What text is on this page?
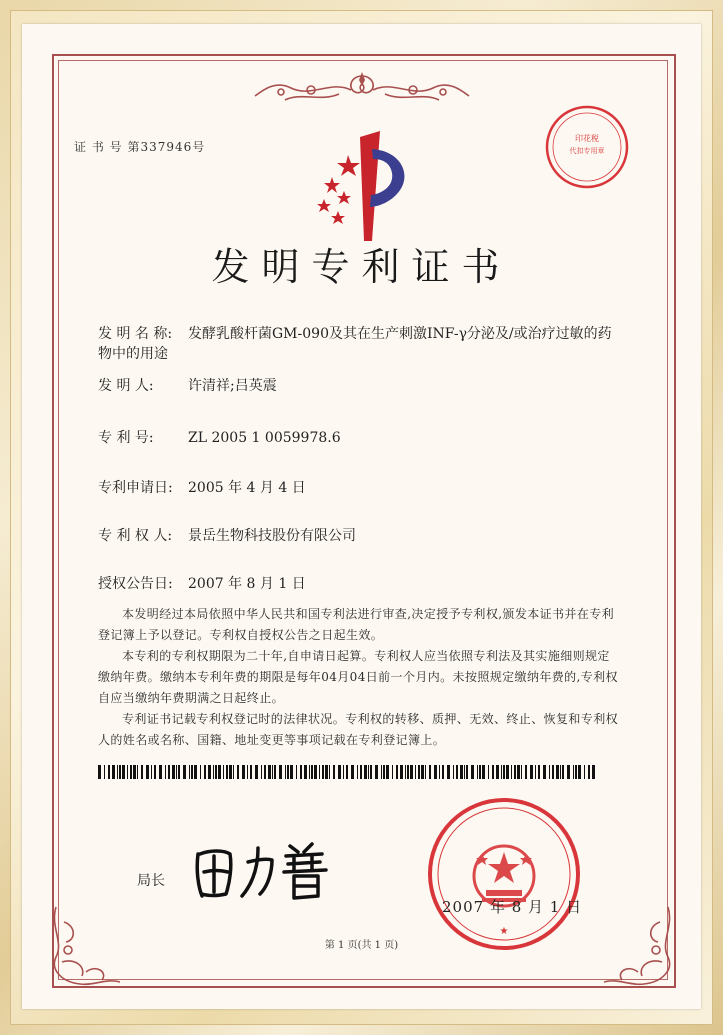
证 书 号 第337946号
印花税
代扣专用章
发明专利证书
发 明 名 称: 发酵乳酸杆菌GM-090及其在生产刺激INF-γ分泌及/或治疗过敏的药物中的用途
发 明 人: 许清祥;吕英震
专 利 号: ZL 2005 1 0059978.6
专利申请日: 2005 年 4 月 4 日
专 利 权 人: 景岳生物科技股份有限公司
授权公告日: 2007 年 8 月 1 日

本发明经过本局依照中华人民共和国专利法进行审查,决定授予专利权,颁发本证书并在专利登记簿上予以登记。专利权自授权公告之日起生效。

本专利的专利权期限为二十年,自申请日起算。专利权人应当依照专利法及其实施细则规定缴纳年费。缴纳本专利年费的期限是每年04月04日前一个月内。未按照规定缴纳年费的,专利权自应当缴纳年费期满之日起终止。

专利证书记载专利权登记时的法律状况。专利权的转移、质押、无效、终止、恢复和专利权人的姓名或名称、国籍、地址变更等事项记载在专利登记簿上。

局长
★
2007 年 8 月 1 日
第 1 页(共 1 页)
